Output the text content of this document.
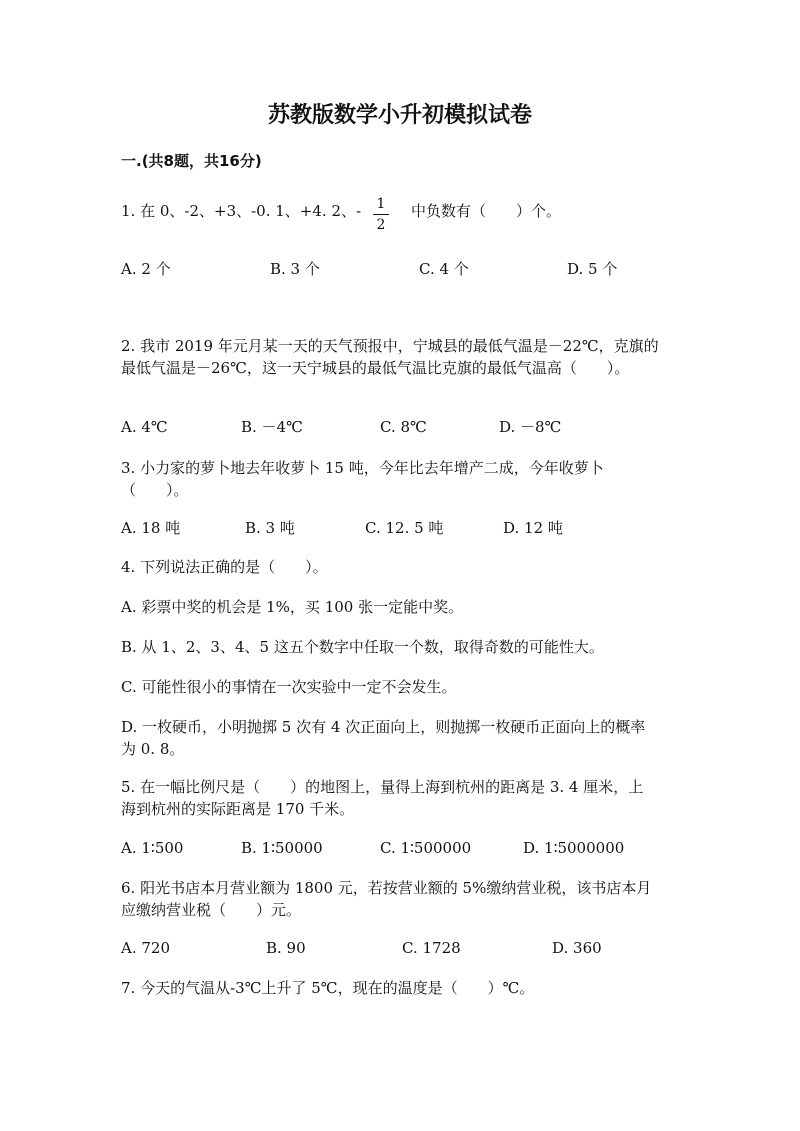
苏教版数学小升初模拟试卷
一.(共8题，共16分)
1. 在 0、-2、+3、-0. 1、+4. 2、-	1
2
中负数有（　　）个。
A. 2 个	B. 3 个	C. 4 个	D. 5 个
2. 我市 2019 年元月某一天的天气预报中，宁城县的最低气温是－22℃，克旗的
最低气温是－26℃，这一天宁城县的最低气温比克旗的最低气温高（　　）。
A. 4℃	B. －4℃	C. 8℃	D. －8℃
3. 小力家的萝卜地去年收萝卜 15 吨，今年比去年增产二成，今年收萝卜
（　　）。
A. 18 吨	B. 3 吨	C. 12. 5 吨	D. 12 吨
4. 下列说法正确的是（　　）。
A. 彩票中奖的机会是 1%，买 100 张一定能中奖。
B. 从 1、2、3、4、5 这五个数字中任取一个数，取得奇数的可能性大。
C. 可能性很小的事情在一次实验中一定不会发生。
D. 一枚硬币，小明抛掷 5 次有 4 次正面向上，则抛掷一枚硬币正面向上的概率
为 0. 8。
5. 在一幅比例尺是（　　）的地图上，量得上海到杭州的距离是 3. 4 厘米，上
海到杭州的实际距离是 170 千米。
A. 1∶500	B. 1∶50000	C. 1∶500000	D. 1∶5000000
6. 阳光书店本月营业额为 1800 元，若按营业额的 5%缴纳营业税，该书店本月
应缴纳营业税（　　）元。
A. 720	B. 90	C. 1728	D. 360
7. 今天的气温从-3℃上升了 5℃，现在的温度是（　　）℃。
